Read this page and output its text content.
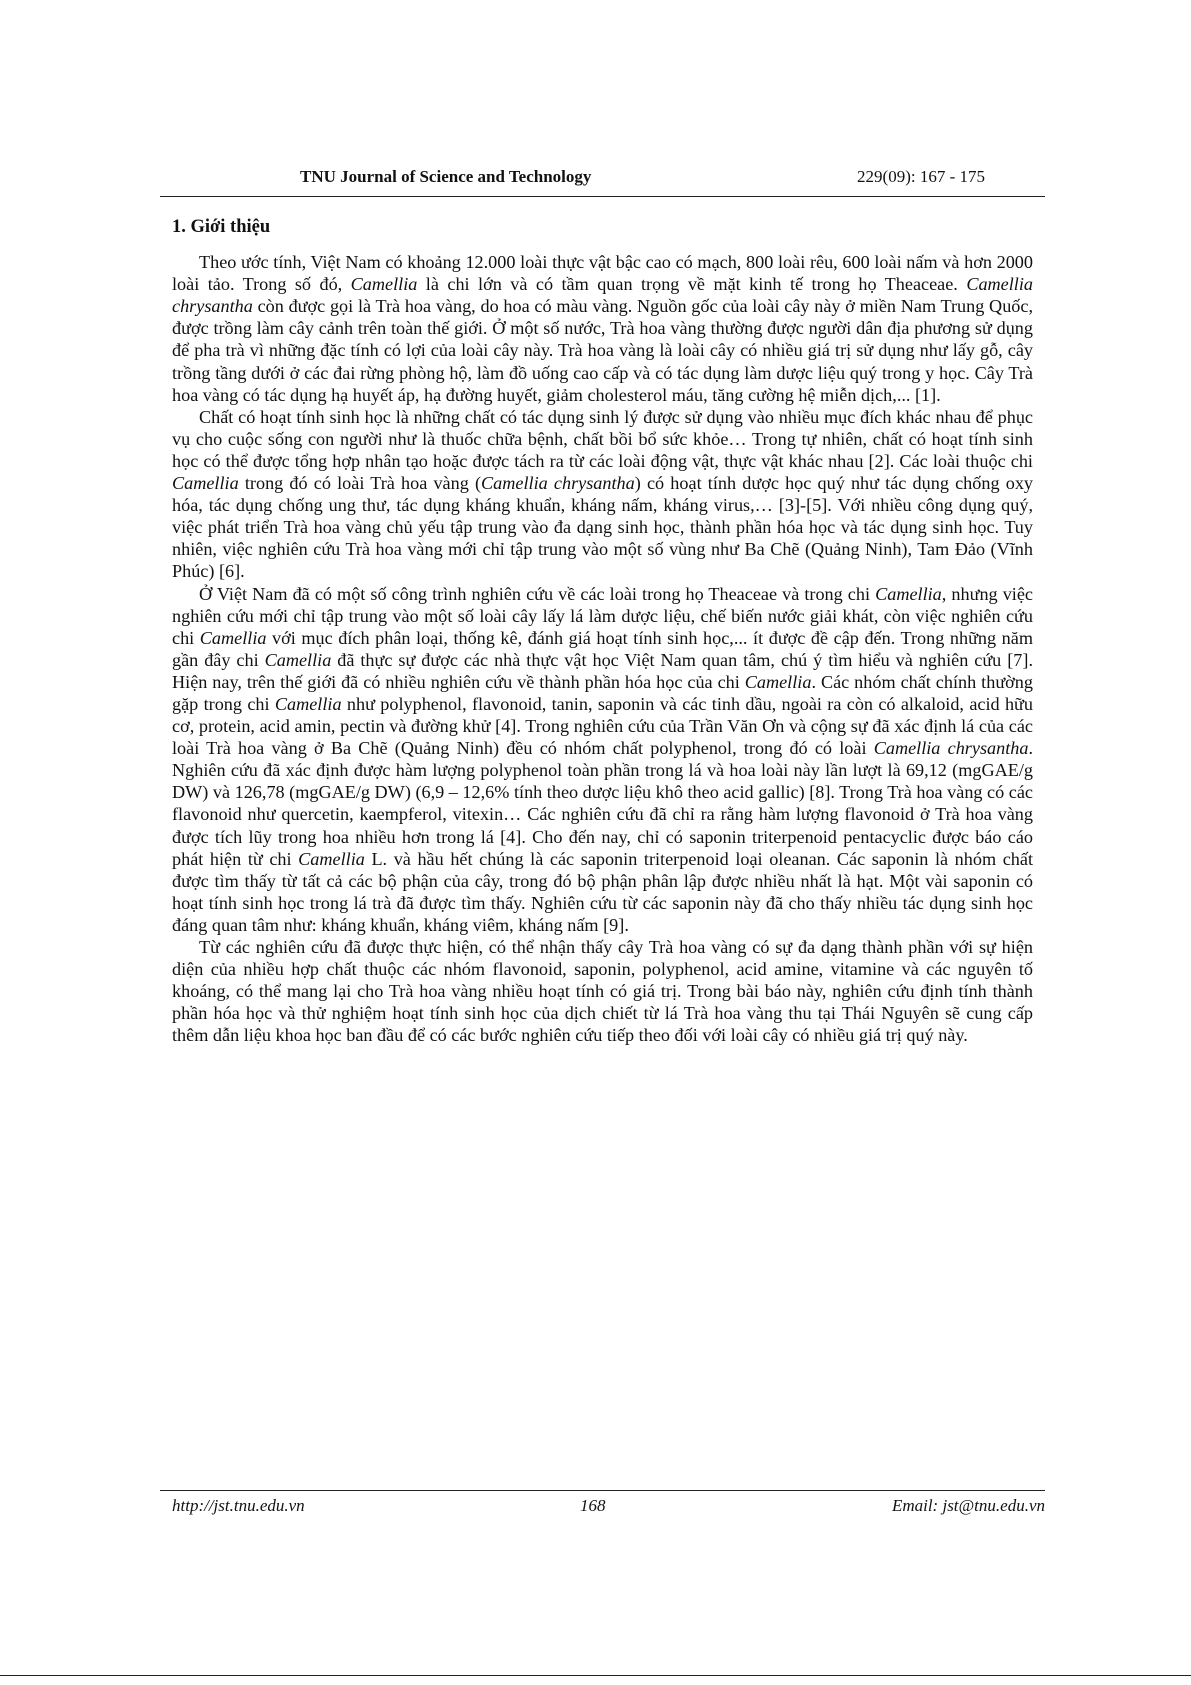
TNU Journal of Science and Technology	229(09): 167 - 175
1. Giới thiệu

Theo ước tính, Việt Nam có khoảng 12.000 loài thực vật bậc cao có mạch, 800 loài rêu, 600 loài nấm và hơn 2000 loài tảo. Trong số đó, Camellia là chi lớn và có tầm quan trọng về mặt kinh tế trong họ Theaceae. Camellia chrysantha còn được gọi là Trà hoa vàng, do hoa có màu vàng. Nguồn gốc của loài cây này ở miền Nam Trung Quốc, được trồng làm cây cảnh trên toàn thế giới. Ở một số nước, Trà hoa vàng thường được người dân địa phương sử dụng để pha trà vì những đặc tính có lợi của loài cây này. Trà hoa vàng là loài cây có nhiều giá trị sử dụng như lấy gỗ, cây trồng tầng dưới ở các đai rừng phòng hộ, làm đồ uống cao cấp và có tác dụng làm dược liệu quý trong y học. Cây Trà hoa vàng có tác dụng hạ huyết áp, hạ đường huyết, giảm cholesterol máu, tăng cường hệ miễn dịch,... [1].

Chất có hoạt tính sinh học là những chất có tác dụng sinh lý được sử dụng vào nhiều mục đích khác nhau để phục vụ cho cuộc sống con người như là thuốc chữa bệnh, chất bồi bổ sức khỏe… Trong tự nhiên, chất có hoạt tính sinh học có thể được tổng hợp nhân tạo hoặc được tách ra từ các loài động vật, thực vật khác nhau [2]. Các loài thuộc chi Camellia trong đó có loài Trà hoa vàng (Camellia chrysantha) có hoạt tính dược học quý như tác dụng chống oxy hóa, tác dụng chống ung thư, tác dụng kháng khuẩn, kháng nấm, kháng virus,… [3]-[5]. Với nhiều công dụng quý, việc phát triển Trà hoa vàng chủ yếu tập trung vào đa dạng sinh học, thành phần hóa học và tác dụng sinh học. Tuy nhiên, việc nghiên cứu Trà hoa vàng mới chỉ tập trung vào một số vùng như Ba Chẽ (Quảng Ninh), Tam Đảo (Vĩnh Phúc) [6].

Ở Việt Nam đã có một số công trình nghiên cứu về các loài trong họ Theaceae và trong chi Camellia, nhưng việc nghiên cứu mới chỉ tập trung vào một số loài cây lấy lá làm dược liệu, chế biến nước giải khát, còn việc nghiên cứu chi Camellia với mục đích phân loại, thống kê, đánh giá hoạt tính sinh học,... ít được đề cập đến. Trong những năm gần đây chi Camellia đã thực sự được các nhà thực vật học Việt Nam quan tâm, chú ý tìm hiểu và nghiên cứu [7]. Hiện nay, trên thế giới đã có nhiều nghiên cứu về thành phần hóa học của chi Camellia. Các nhóm chất chính thường gặp trong chi Camellia như polyphenol, flavonoid, tanin, saponin và các tinh dầu, ngoài ra còn có alkaloid, acid hữu cơ, protein, acid amin, pectin và đường khử [4]. Trong nghiên cứu của Trần Văn Ơn và cộng sự đã xác định lá của các loài Trà hoa vàng ở Ba Chẽ (Quảng Ninh) đều có nhóm chất polyphenol, trong đó có loài Camellia chrysantha. Nghiên cứu đã xác định được hàm lượng polyphenol toàn phần trong lá và hoa loài này lần lượt là 69,12 (mgGAE/g DW) và 126,78 (mgGAE/g DW) (6,9 – 12,6% tính theo dược liệu khô theo acid gallic) [8]. Trong Trà hoa vàng có các flavonoid như quercetin, kaempferol, vitexin… Các nghiên cứu đã chỉ ra rằng hàm lượng flavonoid ở Trà hoa vàng được tích lũy trong hoa nhiều hơn trong lá [4]. Cho đến nay, chỉ có saponin triterpenoid pentacyclic được báo cáo phát hiện từ chi Camellia L. và hầu hết chúng là các saponin triterpenoid loại oleanan. Các saponin là nhóm chất được tìm thấy từ tất cả các bộ phận của cây, trong đó bộ phận phân lập được nhiều nhất là hạt. Một vài saponin có hoạt tính sinh học trong lá trà đã được tìm thấy. Nghiên cứu từ các saponin này đã cho thấy nhiều tác dụng sinh học đáng quan tâm như: kháng khuẩn, kháng viêm, kháng nấm [9].

Từ các nghiên cứu đã được thực hiện, có thể nhận thấy cây Trà hoa vàng có sự đa dạng thành phần với sự hiện diện của nhiều hợp chất thuộc các nhóm flavonoid, saponin, polyphenol, acid amine, vitamine và các nguyên tố khoáng, có thể mang lại cho Trà hoa vàng nhiều hoạt tính có giá trị. Trong bài báo này, nghiên cứu định tính thành phần hóa học và thử nghiệm hoạt tính sinh học của dịch chiết từ lá Trà hoa vàng thu tại Thái Nguyên sẽ cung cấp thêm dẫn liệu khoa học ban đầu để có các bước nghiên cứu tiếp theo đối với loài cây có nhiều giá trị quý này.

http://jst.tnu.edu.vn	168	Email: jst@tnu.edu.vn
